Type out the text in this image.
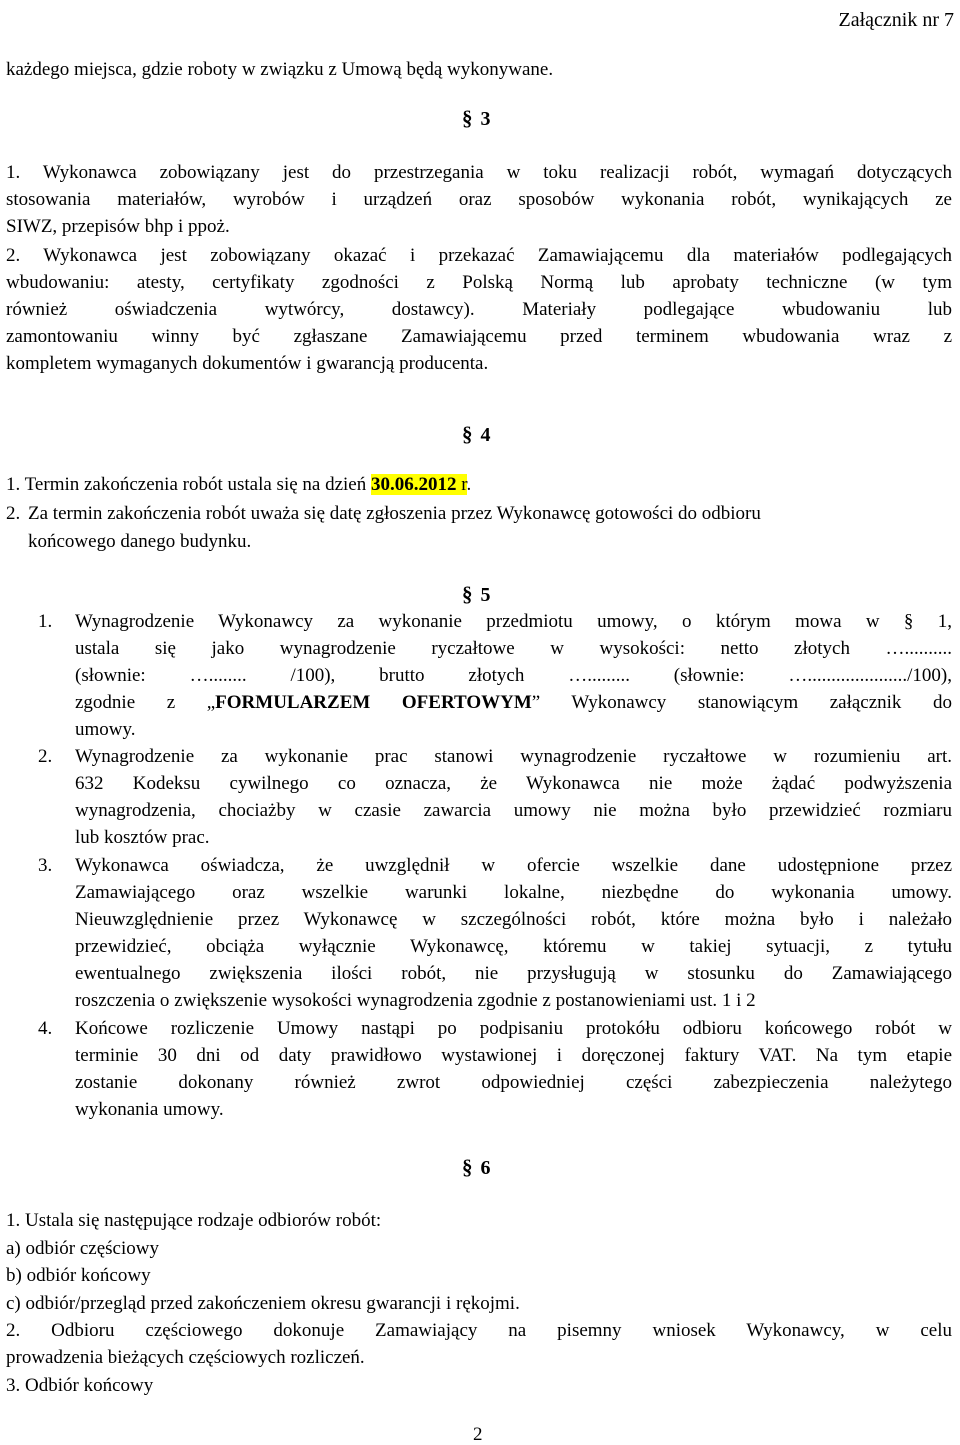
Załącznik nr 7
każdego miejsca, gdzie roboty w związku z Umową będą wykonywane.
§ 3
1. Wykonawca zobowiązany jest do przestrzegania w toku realizacji robót, wymagań dotyczących
stosowania materiałów, wyrobów i urządzeń oraz sposobów wykonania robót, wynikających ze
SIWZ, przepisów bhp i ppoż.
2. Wykonawca jest zobowiązany okazać i przekazać Zamawiającemu dla materiałów podlegających
wbudowaniu: atesty, certyfikaty zgodności z Polską Normą lub aprobaty techniczne (w tym
również oświadczenia wytwórcy, dostawcy). Materiały podlegające wbudowaniu lub
zamontowaniu winny być zgłaszane Zamawiającemu przed terminem wbudowania wraz z
kompletem wymaganych dokumentów i gwarancją producenta.
§ 4
1. Termin zakończenia robót ustala się na dzień 30.06.2012 r.
2. Za termin zakończenia robót uważa się datę zgłoszenia przez Wykonawcę gotowości do odbioru
końcowego danego budynku.
§ 5
1. Wynagrodzenie Wykonawcy za wykonanie przedmiotu umowy, o którym mowa w § 1,
ustala się jako wynagrodzenie ryczałtowe w wysokości: netto złotych …..........
(słownie: …........ /100), brutto złotych …......... (słownie: …...................../100),
zgodnie z „FORMULARZEM OFERTOWYM” Wykonawcy stanowiącym załącznik do
umowy.
2. Wynagrodzenie za wykonanie prac stanowi wynagrodzenie ryczałtowe w rozumieniu art.
632 Kodeksu cywilnego co oznacza, że Wykonawca nie może żądać podwyższenia
wynagrodzenia, chociażby w czasie zawarcia umowy nie można było przewidzieć rozmiaru
lub kosztów prac.
3. Wykonawca oświadcza, że uwzględnił w ofercie wszelkie dane udostępnione przez
Zamawiającego oraz wszelkie warunki lokalne, niezbędne do wykonania umowy.
Nieuwzględnienie przez Wykonawcę w szczególności robót, które można było i należało
przewidzieć, obciąża wyłącznie Wykonawcę, któremu w takiej sytuacji, z tytułu
ewentualnego zwiększenia ilości robót, nie przysługują w stosunku do Zamawiającego
roszczenia o zwiększenie wysokości wynagrodzenia zgodnie z postanowieniami ust. 1 i 2
4. Końcowe rozliczenie Umowy nastąpi po podpisaniu protokółu odbioru końcowego robót w
terminie 30 dni od daty prawidłowo wystawionej i doręczonej faktury VAT. Na tym etapie
zostanie dokonany również zwrot odpowiedniej części zabezpieczenia należytego
wykonania umowy.
§ 6
1. Ustala się następujące rodzaje odbiorów robót:
a) odbiór częściowy
b) odbiór końcowy
c) odbiór/przegląd przed zakończeniem okresu gwarancji i rękojmi.
2. Odbioru częściowego dokonuje Zamawiający na pisemny wniosek Wykonawcy, w celu
prowadzenia bieżących częściowych rozliczeń.
3. Odbiór końcowy
2
